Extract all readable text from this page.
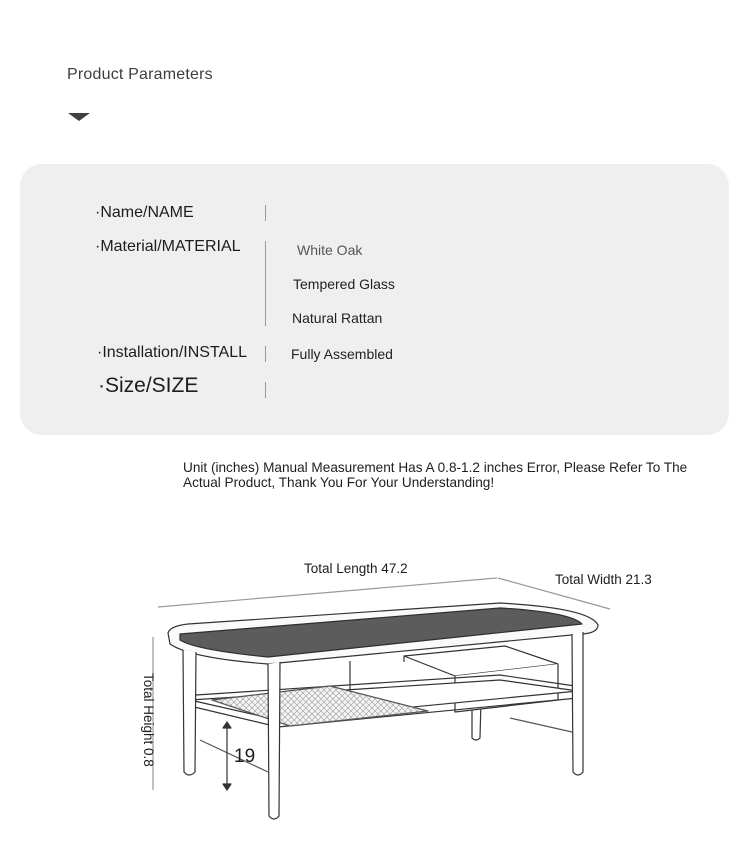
Product Parameters
·Name/NAME
·Material/MATERIAL	White Oak
Tempered Glass
Natural Rattan
·Installation/INSTALL	Fully Assembled
·Size/SIZE
Unit (inches) Manual Measurement Has A 0.8-1.2 inches Error, Please Refer To The Actual Product, Thank You For Your Understanding!
Total Length 47.2
Total Width 21.3
Total Height 0.8	19
